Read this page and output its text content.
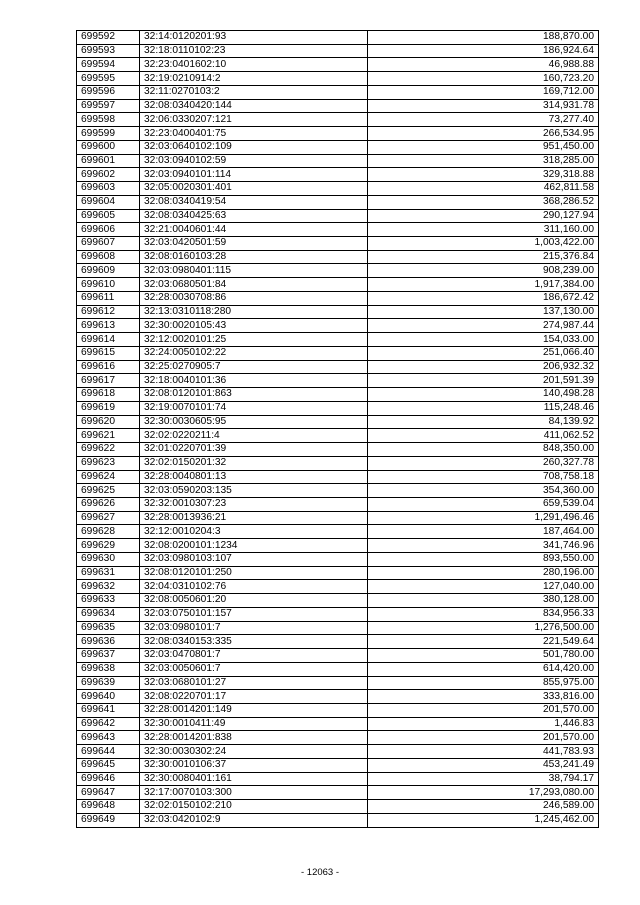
699592	32:14:0120201:93	188,870.00
699593	32:18:0110102:23	186,924.64
699594	32:23:0401602:10	46,988.88
699595	32:19:0210914:2	160,723.20
699596	32:11:0270103:2	169,712.00
699597	32:08:0340420:144	314,931.78
699598	32:06:0330207:121	73,277.40
699599	32:23:0400401:75	266,534.95
699600	32:03:0640102:109	951,450.00
699601	32:03:0940102:59	318,285.00
699602	32:03:0940101:114	329,318.88
699603	32:05:0020301:401	462,811.58
699604	32:08:0340419:54	368,286.52
699605	32:08:0340425:63	290,127.94
699606	32:21:0040601:44	311,160.00
699607	32:03:0420501:59	1,003,422.00
699608	32:08:0160103:28	215,376.84
699609	32:03:0980401:115	908,239.00
699610	32:03:0680501:84	1,917,384.00
699611	32:28:0030708:86	186,672.42
699612	32:13:0310118:280	137,130.00
699613	32:30:0020105:43	274,987.44
699614	32:12:0020101:25	154,033.00
699615	32:24:0050102:22	251,066.40
699616	32:25:0270905:7	206,932.32
699617	32:18:0040101:36	201,591.39
699618	32:08:0120101:863	140,498.28
699619	32:19:0070101:74	115,248.46
699620	32:30:0030605:95	84,139.92
699621	32:02:0220211:4	411,062.52
699622	32:01:0220701:39	848,350.00
699623	32:02:0150201:32	260,327.78
699624	32:28:0040801:13	708,758.18
699625	32:03:0590203:135	354,360.00
699626	32:32:0010307:23	659,539.04
699627	32:28:0013936:21	1,291,496.46
699628	32:12:0010204:3	187,464.00
699629	32:08:0200101:1234	341,746.96
699630	32:03:0980103:107	893,550.00
699631	32:08:0120101:250	280,196.00
699632	32:04:0310102:76	127,040.00
699633	32:08:0050601:20	380,128.00
699634	32:03:0750101:157	834,956.33
699635	32:03:0980101:7	1,276,500.00
699636	32:08:0340153:335	221,549.64
699637	32:03:0470801:7	501,780.00
699638	32:03:0050601:7	614,420.00
699639	32:03:0680101:27	855,975.00
699640	32:08:0220701:17	333,816.00
699641	32:28:0014201:149	201,570.00
699642	32:30:0010411:49	1,446.83
699643	32:28:0014201:838	201,570.00
699644	32:30:0030302:24	441,783.93
699645	32:30:0010106:37	453,241.49
699646	32:30:0080401:161	38,794.17
699647	32:17:0070103:300	17,293,080.00
699648	32:02:0150102:210	246,589.00
699649	32:03:0420102:9	1,245,462.00
- 12063 -
